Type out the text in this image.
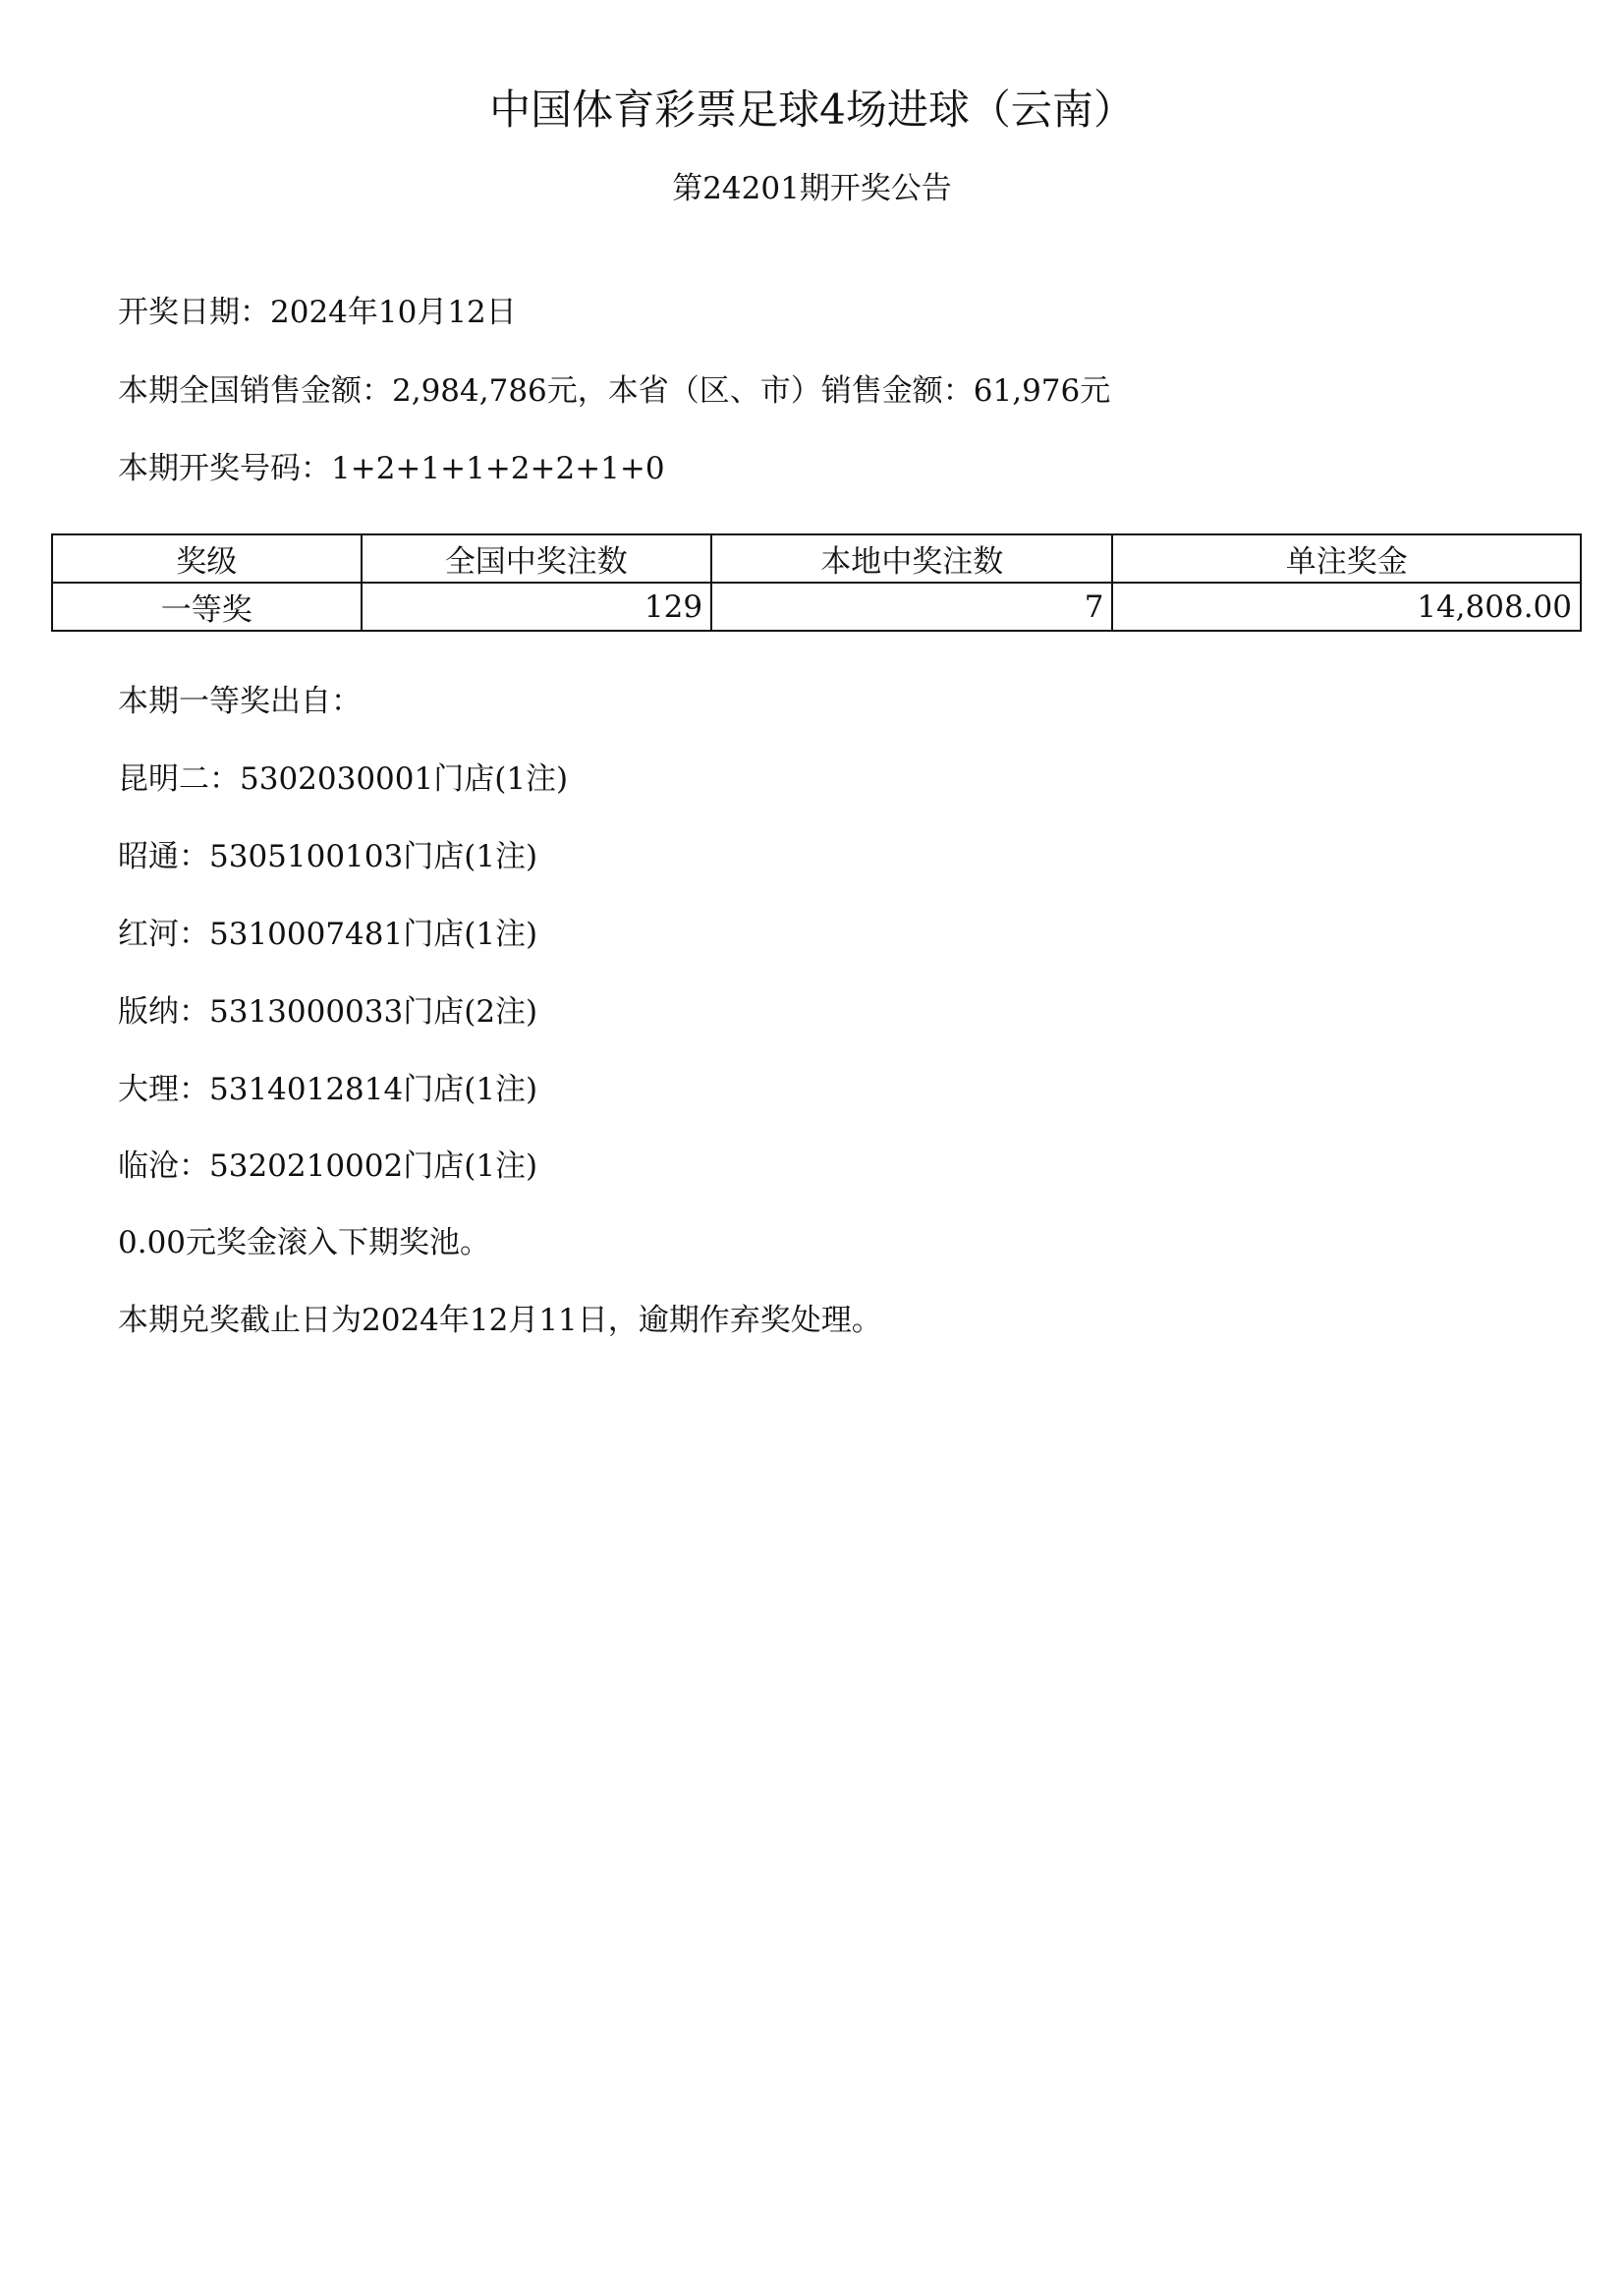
中国体育彩票足球4场进球（云南）
第24201期开奖公告
开奖日期：2024年10月12日
本期全国销售金额：2,984,786元，本省（区、市）销售金额：61,976元
本期开奖号码：1+2+1+1+2+2+1+0
奖级	全国中奖注数	本地中奖注数	单注奖金
一等奖	129	7	14,808.00
本期一等奖出自：
昆明二：5302030001门店(1注)
昭通：5305100103门店(1注)
红河：5310007481门店(1注)
版纳：5313000033门店(2注)
大理：5314012814门店(1注)
临沧：5320210002门店(1注)
0.00元奖金滚入下期奖池。
本期兑奖截止日为2024年12月11日，逾期作弃奖处理。
